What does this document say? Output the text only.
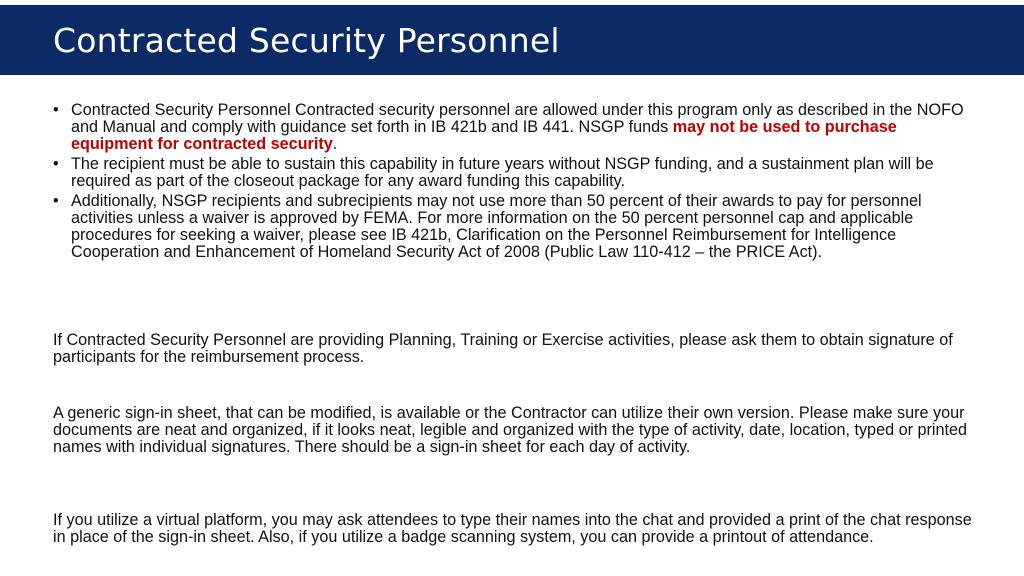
Contracted Security Personnel
• Contracted Security Personnel Contracted security personnel are allowed under this program only as described in the NOFO and Manual and comply with guidance set forth in IB 421b and IB 441. NSGP funds may not be used to purchase equipment for contracted security.
• The recipient must be able to sustain this capability in future years without NSGP funding, and a sustainment plan will be required as part of the closeout package for any award funding this capability.
• Additionally, NSGP recipients and subrecipients may not use more than 50 percent of their awards to pay for personnel activities unless a waiver is approved by FEMA. For more information on the 50 percent personnel cap and applicable procedures for seeking a waiver, please see IB 421b, Clarification on the Personnel Reimbursement for Intelligence Cooperation and Enhancement of Homeland Security Act of 2008 (Public Law 110-412 – the PRICE Act).

If Contracted Security Personnel are providing Planning, Training or Exercise activities, please ask them to obtain signature of participants for the reimbursement process.

A generic sign-in sheet, that can be modified, is available or the Contractor can utilize their own version. Please make sure your documents are neat and organized, if it looks neat, legible and organized with the type of activity, date, location, typed or printed names with individual signatures. There should be a sign-in sheet for each day of activity.

If you utilize a virtual platform, you may ask attendees to type their names into the chat and provided a print of the chat response in place of the sign-in sheet. Also, if you utilize a badge scanning system, you can provide a printout of attendance.
